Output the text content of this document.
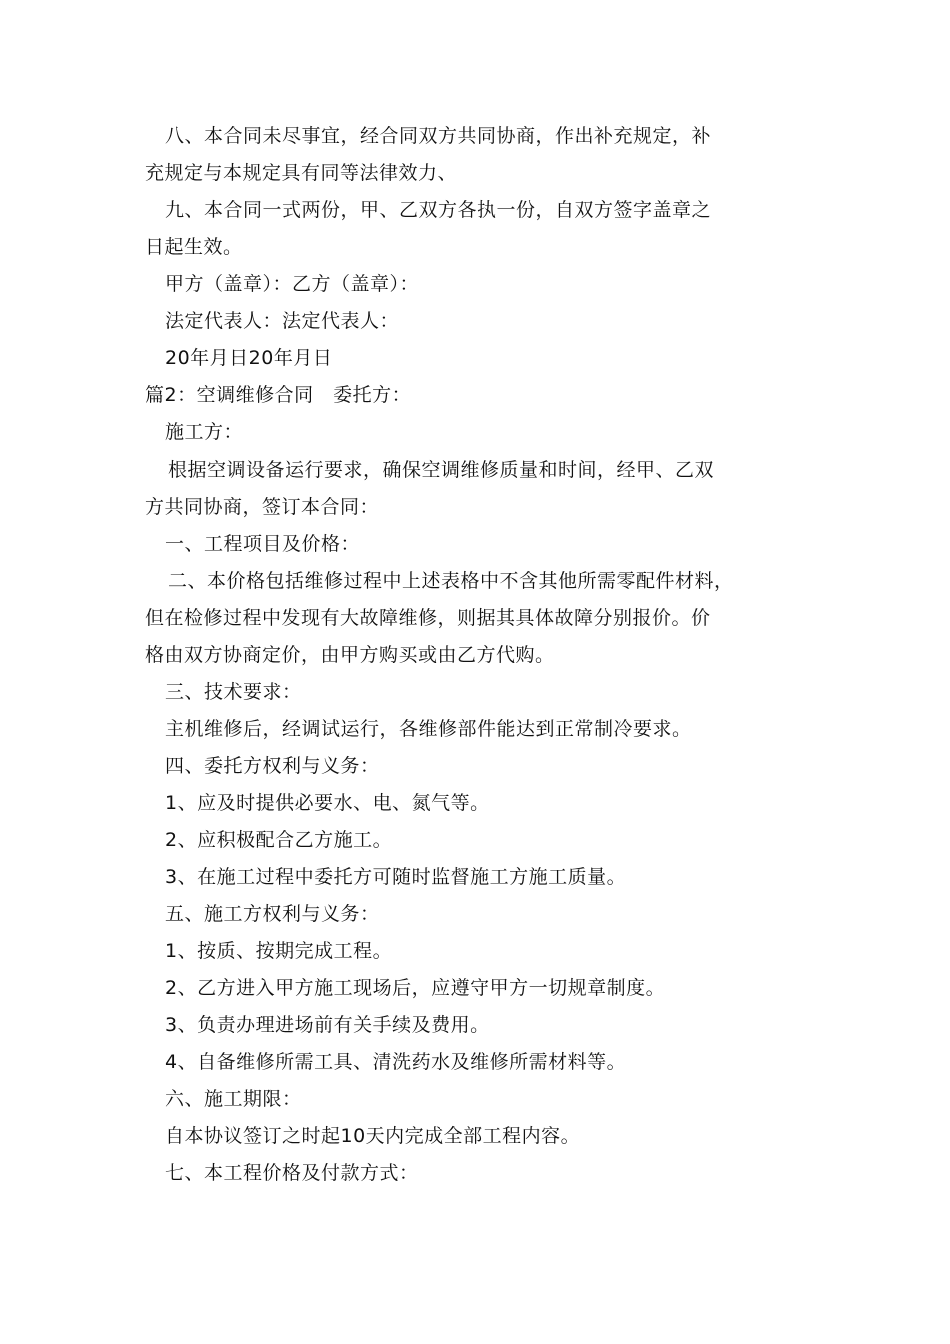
八、本合同未尽事宜，经合同双方共同协商，作出补充规定，补
充规定与本规定具有同等法律效力、
九、本合同一式两份，甲、乙双方各执一份，自双方签字盖章之
日起生效。
甲方（盖章）：乙方（盖章）：
法定代表人：法定代表人：
20年月日20年月日
篇2：空调维修合同　委托方：
施工方：
根据空调设备运行要求，确保空调维修质量和时间，经甲、乙双
方共同协商，签订本合同：
一、工程项目及价格：
二、本价格包括维修过程中上述表格中不含其他所需零配件材料，
但在检修过程中发现有大故障维修，则据其具体故障分别报价。价
格由双方协商定价，由甲方购买或由乙方代购。
三、技术要求：
主机维修后，经调试运行，各维修部件能达到正常制冷要求。
四、委托方权利与义务：
1、应及时提供必要水、电、氮气等。
2、应积极配合乙方施工。
3、在施工过程中委托方可随时监督施工方施工质量。
五、施工方权利与义务：
1、按质、按期完成工程。
2、乙方进入甲方施工现场后，应遵守甲方一切规章制度。
3、负责办理进场前有关手续及费用。
4、自备维修所需工具、清洗药水及维修所需材料等。
六、施工期限：
自本协议签订之时起10天内完成全部工程内容。
七、本工程价格及付款方式：
